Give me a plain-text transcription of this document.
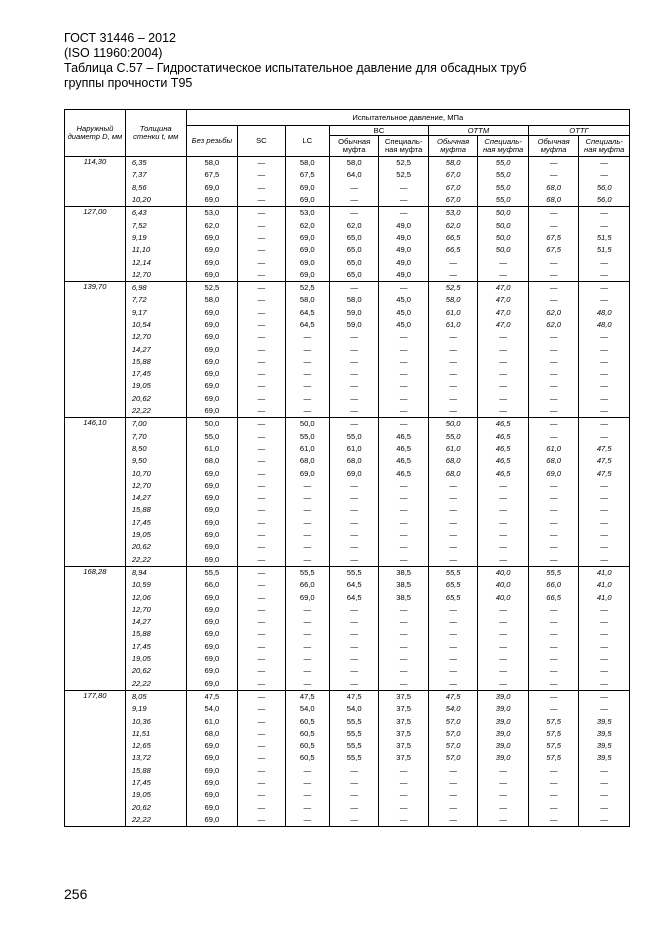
ГОСТ 31446 – 2012
(ISO 11960:2004)
Таблица С.57 – Гидростатическое испытательное давление для обсадных труб
группы прочности Т95
Наружный диаметр D, мм	Толщина стенки t, мм	Испытательное давление, МПа								
		Без резьбы	SC	LC	BC		ОТТМ		ОТТГ	
					Обычная муфта	Специаль- ная муфта	Обычная муфта	Специаль- ная муфта	Обычная муфта	Специаль- ная муфта
114,30	6,35	58,0	—	58,0	58,0	52,5	58,0	55,0	—	—
	7,37	67,5	—	67,5	64,0	52,5	67,0	55,0	—	—
	8,56	69,0	—	69,0	—	—	67,0	55,0	68,0	56,0
	10,20	69,0	—	69,0	—	—	67,0	55,0	68,0	56,0
127,00	6,43	53,0	—	53,0	—	—	53,0	50,0	—	—
	7,52	62,0	—	62,0	62,0	49,0	62,0	50,0	—	—
	9,19	69,0	—	69,0	65,0	49,0	66,5	50,0	67,5	51,5
	11,10	69,0	—	69,0	65,0	49,0	66,5	50,0	67,5	51,5
	12,14	69,0	—	69,0	65,0	49,0	—	—	—	—
	12,70	69,0	—	69,0	65,0	49,0	—	—	—	—
139,70	6,98	52,5	—	52,5	—	—	52,5	47,0	—	—
	7,72	58,0	—	58,0	58,0	45,0	58,0	47,0	—	—
	9,17	69,0	—	64,5	59,0	45,0	61,0	47,0	62,0	48,0
	10,54	69,0	—	64,5	59,0	45,0	61,0	47,0	62,0	48,0
	12,70	69,0	—	—	—	—	—	—	—	—
	14,27	69,0	—	—	—	—	—	—	—	—
	15,88	69,0	—	—	—	—	—	—	—	—
	17,45	69,0	—	—	—	—	—	—	—	—
	19,05	69,0	—	—	—	—	—	—	—	—
	20,62	69,0	—	—	—	—	—	—	—	—
	22,22	69,0	—	—	—	—	—	—	—	—
146,10	7,00	50,0	—	50,0	—	—	50,0	46,5	—	—
	7,70	55,0	—	55,0	55,0	46,5	55,0	46,5	—	—
	8,50	61,0	—	61,0	61,0	46,5	61,0	46,5	61,0	47,5
	9,50	68,0	—	68,0	68,0	46,5	68,0	46,5	68,0	47,5
	10,70	69,0	—	69,0	69,0	46,5	68,0	46,5	69,0	47,5
	12,70	69,0	—	—	—	—	—	—	—	—
	14,27	69,0	—	—	—	—	—	—	—	—
	15,88	69,0	—	—	—	—	—	—	—	—
	17,45	69,0	—	—	—	—	—	—	—	—
	19,05	69,0	—	—	—	—	—	—	—	—
	20,62	69,0	—	—	—	—	—	—	—	—
	22,22	69,0	—	—	—	—	—	—	—	—
168,28	8,94	55,5	—	55,5	55,5	38,5	55,5	40,0	55,5	41,0
	10,59	66,0	—	66,0	64,5	38,5	65,5	40,0	66,0	41,0
	12,06	69,0	—	69,0	64,5	38,5	65,5	40,0	66,5	41,0
	12,70	69,0	—	—	—	—	—	—	—	—
	14,27	69,0	—	—	—	—	—	—	—	—
	15,88	69,0	—	—	—	—	—	—	—	—
	17,45	69,0	—	—	—	—	—	—	—	—
	19,05	69,0	—	—	—	—	—	—	—	—
	20,62	69,0	—	—	—	—	—	—	—	—
	22,22	69,0	—	—	—	—	—	—	—	—
177,80	8,05	47,5	—	47,5	47,5	37,5	47,5	39,0	—	—
	9,19	54,0	—	54,0	54,0	37,5	54,0	39,0	—	—
	10,36	61,0	—	60,5	55,5	37,5	57,0	39,0	57,5	39,5
	11,51	68,0	—	60,5	55,5	37,5	57,0	39,0	57,5	39,5
	12,65	69,0	—	60,5	55,5	37,5	57,0	39,0	57,5	39,5
	13,72	69,0	—	60,5	55,5	37,5	57,0	39,0	57,5	39,5
	15,88	69,0	—	—	—	—	—	—	—	—
	17,45	69,0	—	—	—	—	—	—	—	—
	19,05	69,0	—	—	—	—	—	—	—	—
	20,62	69,0	—	—	—	—	—	—	—	—
	22,22	69,0	—	—	—	—	—	—	—	—
256
